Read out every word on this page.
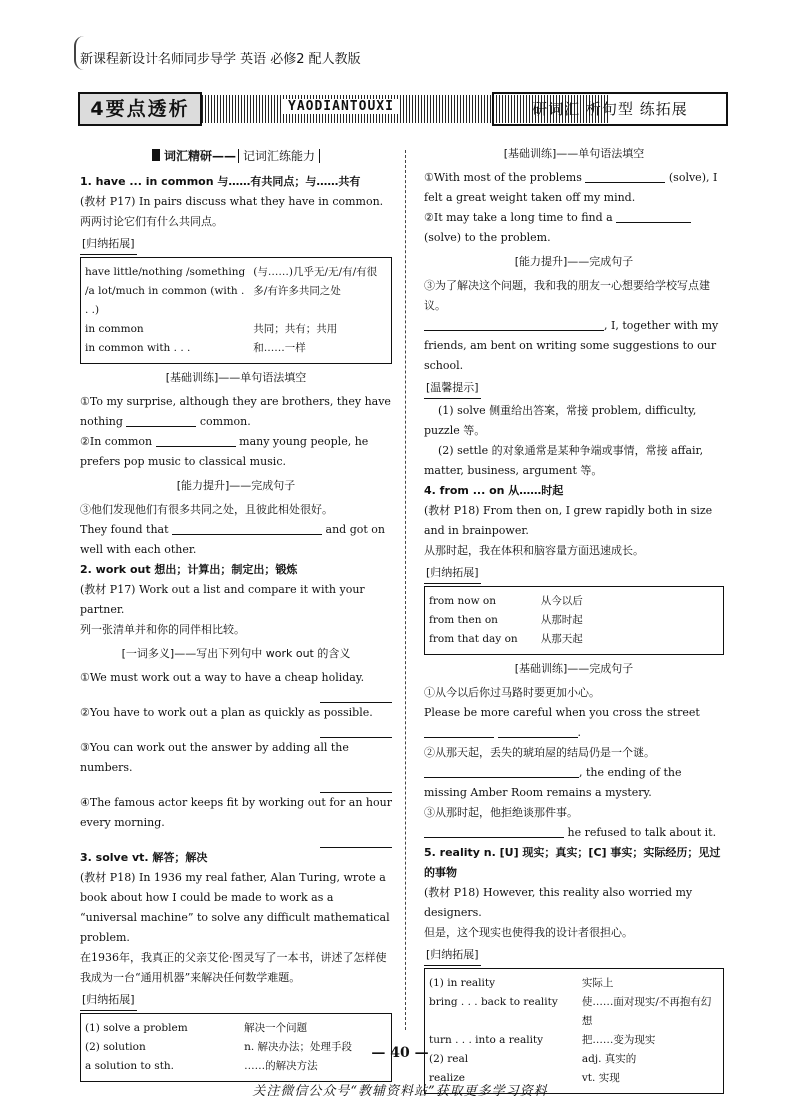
新课程新设计名师同步导学 英语 必修2 配人教版
4要点透析	YAODIANTOUXI	研词汇 析句型 练拓展
词汇精研—— 记词汇练能力
1. have ... in common 与……有共同点；与……共有
(教材 P17) In pairs discuss what they have in common.
两两讨论它们有什么共同点。
[归纳拓展]
have little/nothing /something /a lot/much in common (with . . .)	(与……)几乎无/无/有/有很多/有许多共同之处
in common	共同；共有；共用
in common with . . .	和……一样
[基础训练]——单句语法填空
①To my surprise, although they are brothers, they have nothing	common.
②In common	many young people, he prefers pop music to classical music.
[能力提升]——完成句子
③他们发现他们有很多共同之处，且彼此相处很好。
They found that	and got on well with each other.
2. work out 想出；计算出；制定出；锻炼
(教材 P17) Work out a list and compare it with your partner.
列一张清单并和你的同伴相比较。
[一词多义]——写出下列句中 work out 的含义
①We must work out a way to have a cheap holiday.
②You have to work out a plan as quickly as possible.
③You can work out the answer by adding all the numbers.
④The famous actor keeps fit by working out for an hour every morning.
3. solve vt. 解答；解决
(教材 P18) In 1936 my real father, Alan Turing, wrote a book about how I could be made to work as a “universal machine” to solve any difficult mathematical problem.
在1936年，我真正的父亲艾伦·图灵写了一本书，讲述了怎样使我成为一台“通用机器”来解决任何数学难题。
[归纳拓展]
(1) solve a problem	解决一个问题
(2) solution	n. 解决办法；处理手段
a solution to sth.	……的解决方法
[基础训练]——单句语法填空
①With most of the problems	(solve), I felt a great weight taken off my mind.
②It may take a long time to find a  (solve) to the problem.
[能力提升]——完成句子
③为了解决这个问题，我和我的朋友一心想要给学校写点建议。
, I, together with my friends, am bent on writing some suggestions to our school.
[温馨提示]
(1) solve 侧重给出答案，常接 problem, difficulty, puzzle 等。
(2) settle 的对象通常是某种争端或事情，常接 affair, matter, business, argument 等。
4. from ... on 从……时起
(教材 P18) From then on, I grew rapidly both in size and in brainpower.
从那时起，我在体积和脑容量方面迅速成长。
[归纳拓展]
from now on	从今以后
from then on	从那时起
from that day on	从那天起
[基础训练]——完成句子
①从今以后你过马路时要更加小心。
Please be more careful when you cross the street  .
②从那天起，丢失的琥珀屋的结局仍是一个谜。
, the ending of the missing Amber Room remains a mystery.
③从那时起，他拒绝谈那件事。
he refused to talk about it.
5. reality n. [U] 现实；真实；[C] 事实；实际经历；见过的事物
(教材 P18) However, this reality also worried my designers.
但是，这个现实也使得我的设计者很担心。
[归纳拓展]
(1) in reality	实际上
bring . . . back to reality	使……面对现实/不再抱有幻想
turn . . . into a reality	把……变为现实
(2) real	adj. 真实的
realize	vt. 实现
— 40 —
关注微信公众号“教辅资料站”获取更多学习资料
